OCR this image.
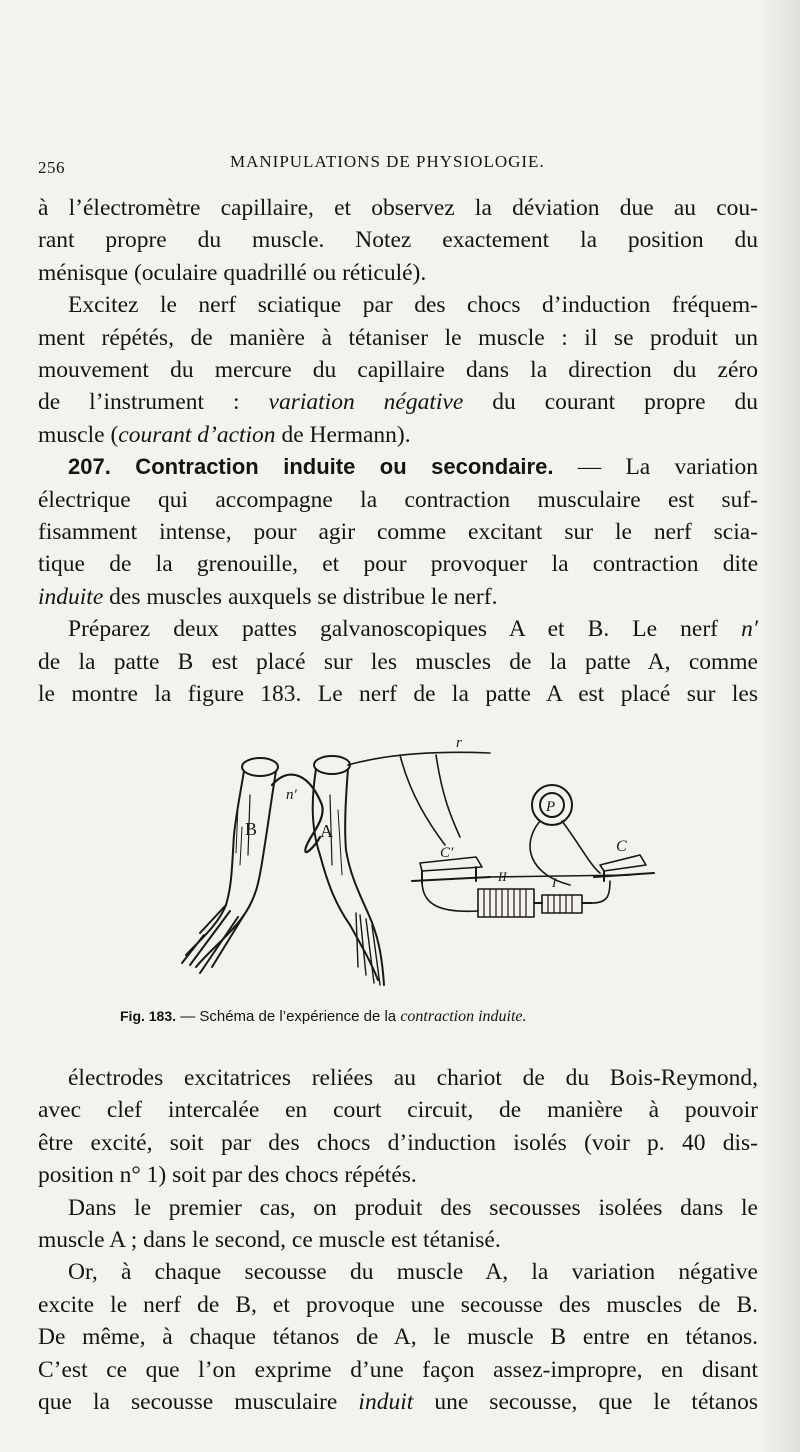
256	MANIPULATIONS DE PHYSIOLOGIE.
à l’électromètre capillaire, et observez la déviation due au cou-
rant propre du muscle. Notez exactement la position du
ménisque (oculaire quadrillé ou réticulé).
Excitez le nerf sciatique par des chocs d’induction fréquem-
ment répétés, de manière à tétaniser le muscle : il se produit un
mouvement du mercure du capillaire dans la direction du zéro
de l’instrument : variation négative du courant propre du
muscle (courant d’action de Hermann).
207. Contraction induite ou secondaire. — La variation
électrique qui accompagne la contraction musculaire est suf-
fisamment intense, pour agir comme excitant sur le nerf scia-
tique de la grenouille, et pour provoquer la contraction dite
induite des muscles auxquels se distribue le nerf.
Préparez deux pattes galvanoscopiques A et B. Le nerf n′
de la patte B est placé sur les muscles de la patte A, comme
le montre la figure 183. Le nerf de la patte A est placé sur les
B	A
n′
r
C′	C
II	I
P
Fig. 183. — Schéma de l’expérience de la contraction induite.
électrodes excitatrices reliées au chariot de du Bois-Reymond,
avec clef intercalée en court circuit, de manière à pouvoir
être excité, soit par des chocs d’induction isolés (voir p. 40 dis-
position n° 1) soit par des chocs répétés.
Dans le premier cas, on produit des secousses isolées dans le
muscle A ; dans le second, ce muscle est tétanisé.
Or, à chaque secousse du muscle A, la variation négative
excite le nerf de B, et provoque une secousse des muscles de B.
De même, à chaque tétanos de A, le muscle B entre en tétanos.
C’est ce que l’on exprime d’une façon assez-impropre, en disant
que la secousse musculaire induit une secousse, que le tétanos
